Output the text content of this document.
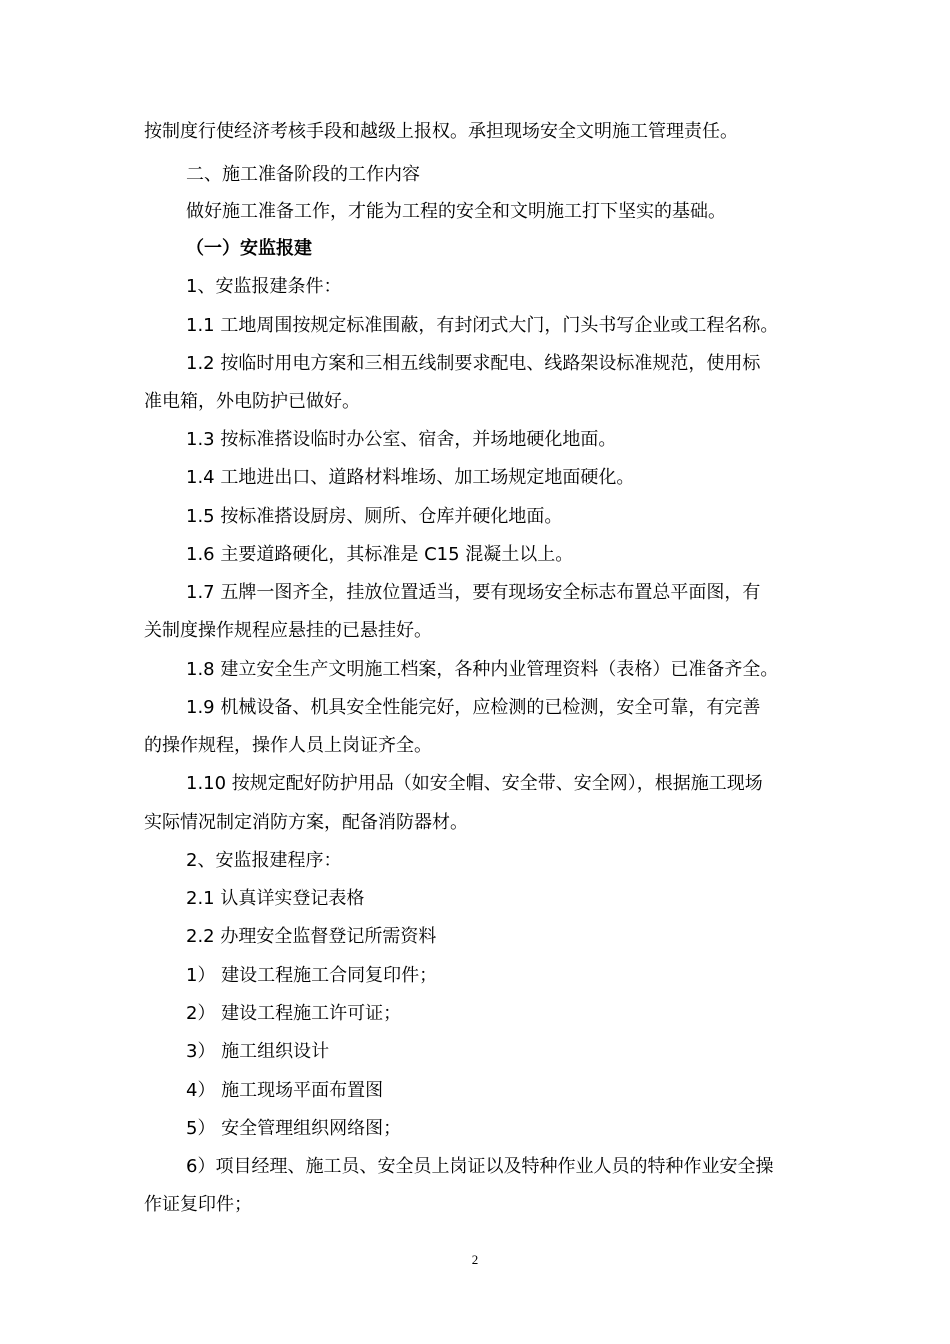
按制度行使经济考核手段和越级上报权。承担现场安全文明施工管理责任。
二、施工准备阶段的工作内容
做好施工准备工作，才能为工程的安全和文明施工打下坚实的基础。
（一）安监报建
1、安监报建条件：
1.1 工地周围按规定标准围蔽，有封闭式大门，门头书写企业或工程名称。
1.2 按临时用电方案和三相五线制要求配电、线路架设标准规范，使用标
准电箱，外电防护已做好。
1.3 按标准搭设临时办公室、宿舍，并场地硬化地面。
1.4 工地进出口、道路材料堆场、加工场规定地面硬化。
1.5 按标准搭设厨房、厕所、仓库并硬化地面。
1.6 主要道路硬化，其标准是 C15 混凝土以上。
1.7 五牌一图齐全，挂放位置适当，要有现场安全标志布置总平面图，有
关制度操作规程应悬挂的已悬挂好。
1.8 建立安全生产文明施工档案，各种内业管理资料（表格）已准备齐全。
1.9 机械设备、机具安全性能完好，应检测的已检测，安全可靠，有完善
的操作规程，操作人员上岗证齐全。
1.10 按规定配好防护用品（如安全帽、安全带、安全网），根据施工现场
实际情况制定消防方案，配备消防器材。
2、安监报建程序：
2.1 认真详实登记表格
2.2 办理安全监督登记所需资料
1） 建设工程施工合同复印件；
2） 建设工程施工许可证；
3） 施工组织设计
4） 施工现场平面布置图
5） 安全管理组织网络图；
6）项目经理、施工员、安全员上岗证以及特种作业人员的特种作业安全操
作证复印件；
2
